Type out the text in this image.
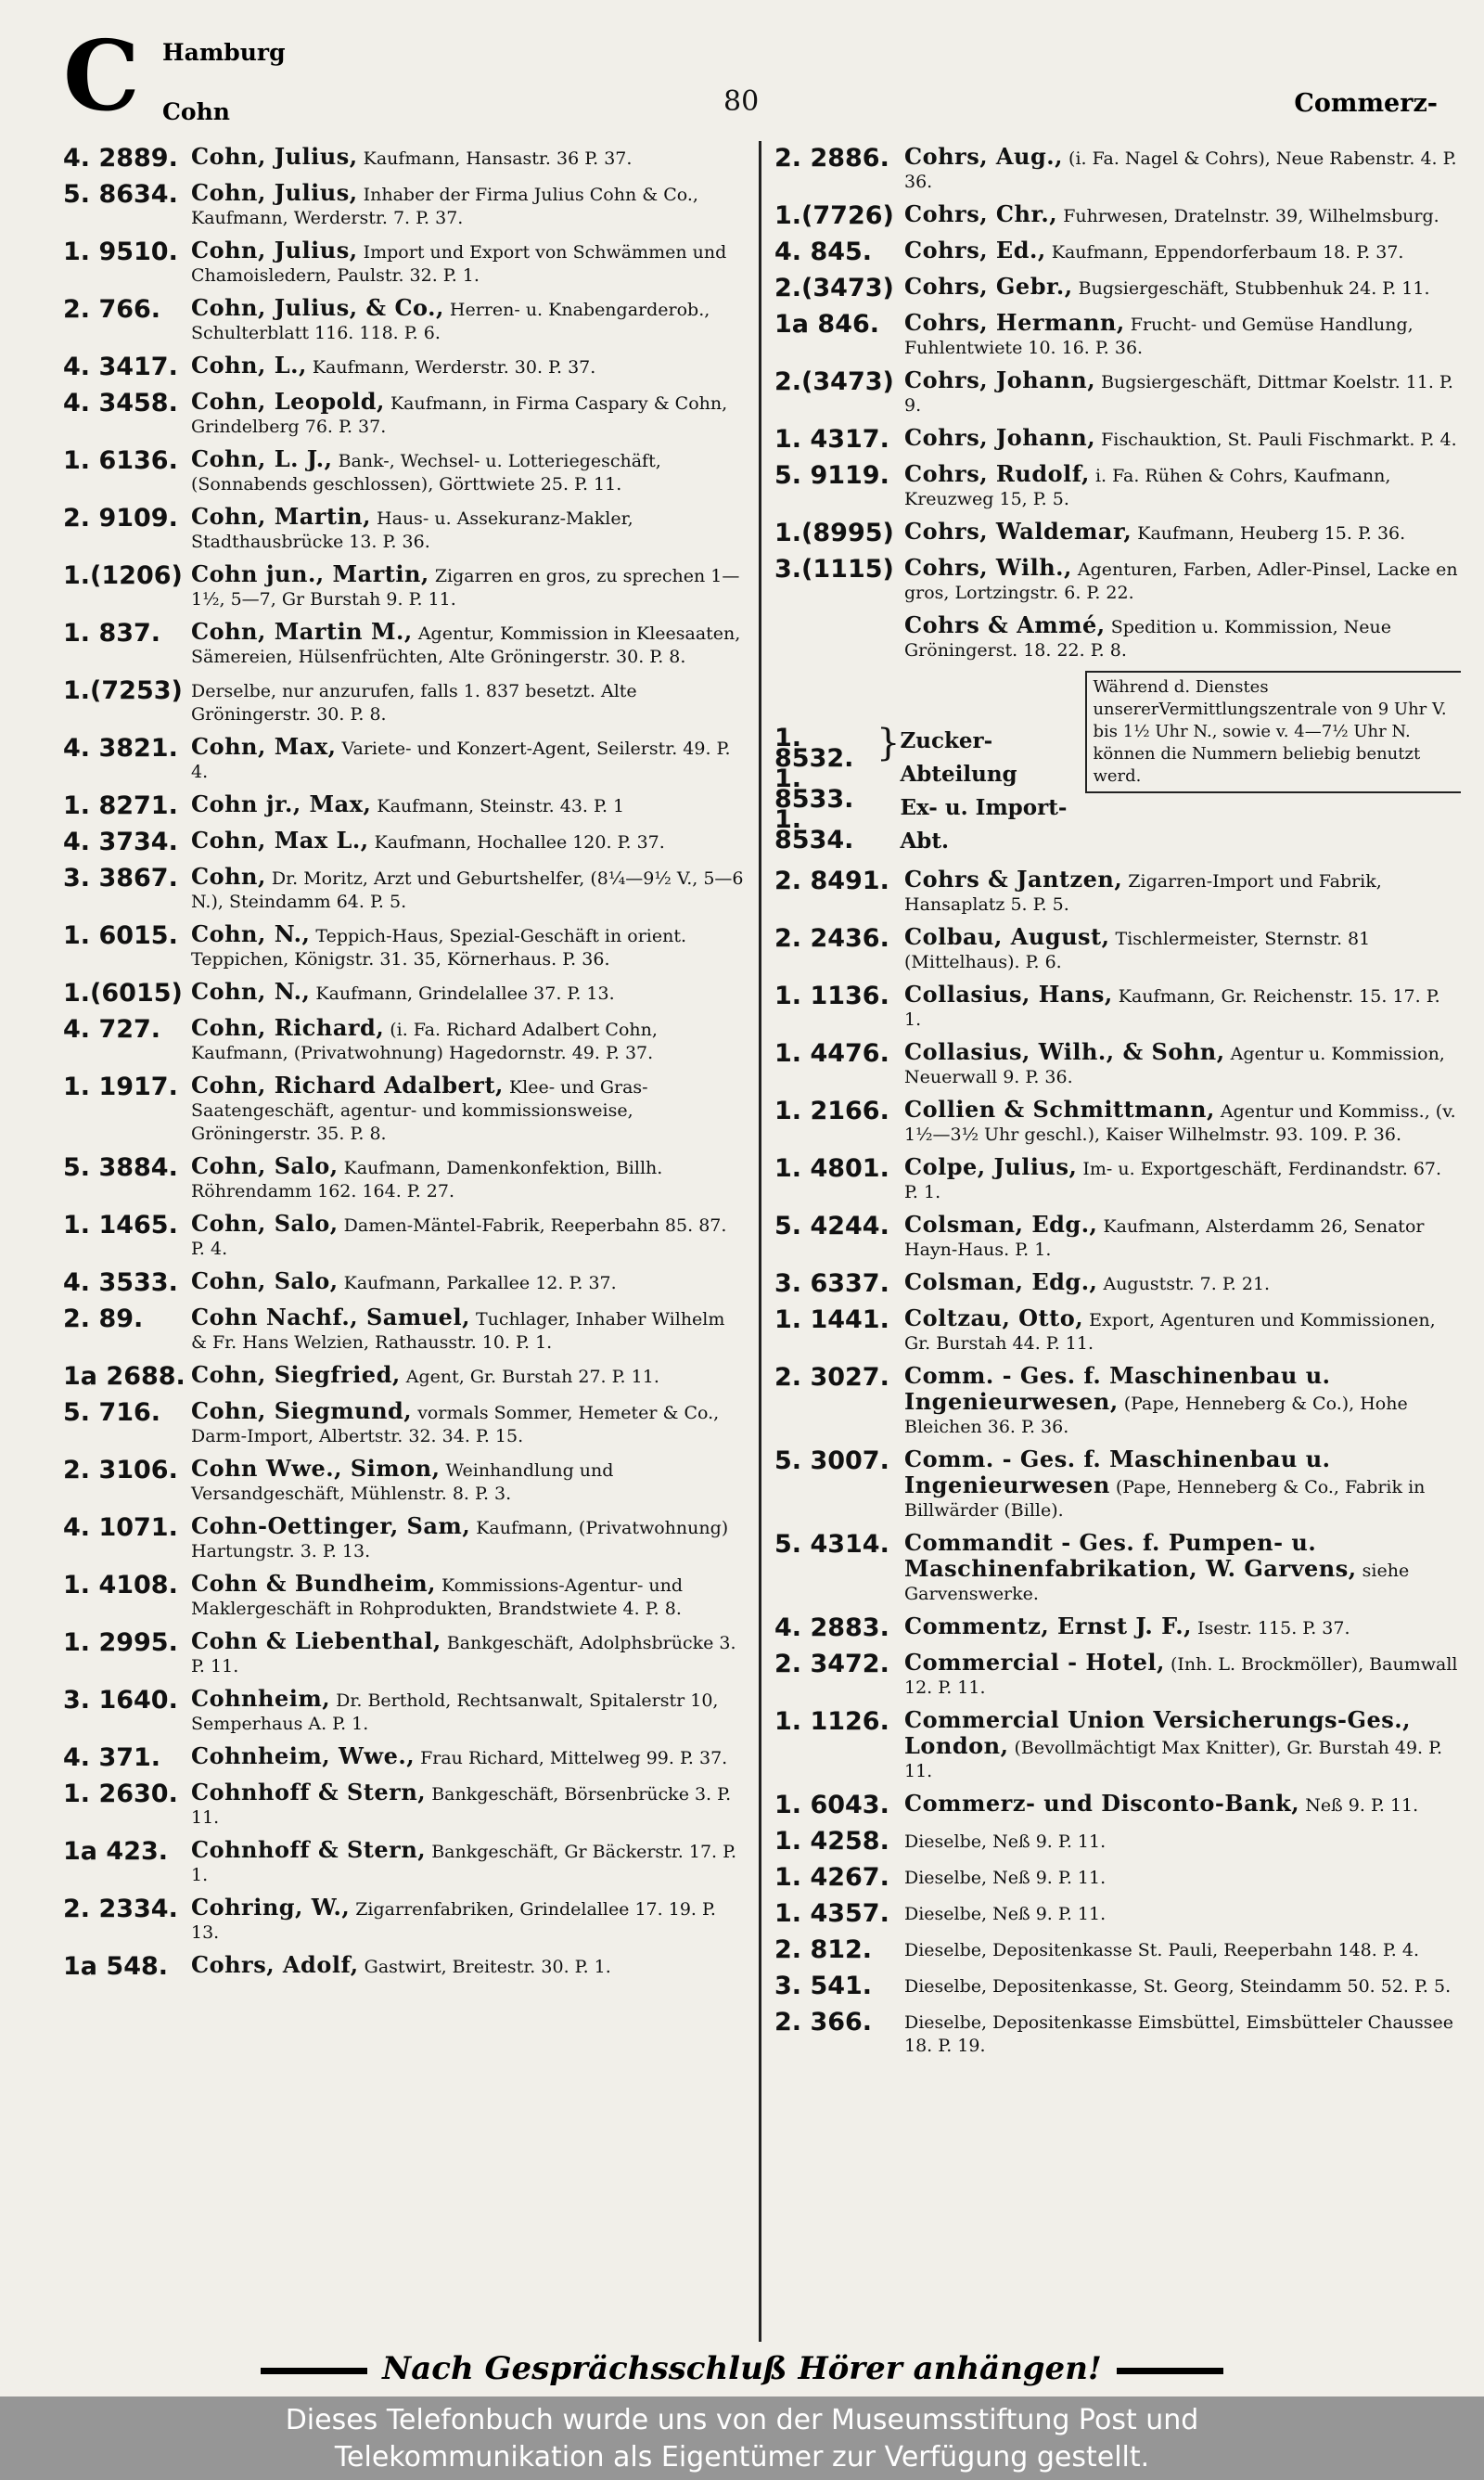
C Hamburg
Cohn	80	Commerz-
4. 2889. Cohn, Julius, Kaufmann, Hansastr. 36 P. 37.
5. 8634. Cohn, Julius, Inhaber der Firma Julius Cohn & Co., Kaufmann, Werderstr. 7. P. 37.
1. 9510. Cohn, Julius, Import und Export von Schwämmen und Chamoisledern, Paulstr. 32. P. 1.
2. 766.	Cohn, Julius, & Co., Herren- u. Knabengarderob., Schulterblatt 116. 118. P. 6.
4. 3417. Cohn, L., Kaufmann, Werderstr. 30. P. 37.
4. 3458. Cohn, Leopold, Kaufmann, in Firma Caspary & Cohn, Grindelberg 76. P. 37.
1. 6136. Cohn, L. J., Bank-, Wechsel- u. Lotteriegeschäft, (Sonnabends geschlossen), Görttwiete 25. P. 11.
2. 9109. Cohn, Martin, Haus- u. Assekuranz-Makler, Stadthausbrücke 13. P. 36.
1.(1206) Cohn jun., Martin, Zigarren en gros, zu sprechen 1—1½, 5—7, Gr Burstah 9. P. 11.
1. 837.	Cohn, Martin M., Agentur, Kommission in Kleesaaten, Sämereien, Hülsenfrüchten, Alte Gröningerstr. 30. P. 8.
1.(7253) Derselbe, nur anzurufen, falls 1. 837 besetzt. Alte Gröningerstr. 30. P. 8.
4. 3821. Cohn, Max, Variete- und Konzert-Agent, Seilerstr. 49. P. 4.
1. 8271. Cohn jr., Max, Kaufmann, Steinstr. 43. P. 1
4. 3734. Cohn, Max L., Kaufmann, Hochallee 120. P. 37.
3. 3867. Cohn, Dr. Moritz, Arzt und Geburtshelfer, (8¼—9½ V., 5—6 N.), Steindamm 64. P. 5.
1. 6015. Cohn, N., Teppich-Haus, Spezial-Geschäft in orient. Teppichen, Königstr. 31. 35, Körnerhaus. P. 36.
1.(6015) Cohn, N., Kaufmann, Grindelallee 37. P. 13.
4. 727.	Cohn, Richard, (i. Fa. Richard Adalbert Cohn, Kaufmann, (Privatwohnung) Hagedornstr. 49. P. 37.
1. 1917. Cohn, Richard Adalbert, Klee- und Gras-Saatengeschäft, agentur- und kommissionsweise, Gröningerstr. 35. P. 8.
5. 3884. Cohn, Salo, Kaufmann, Damenkonfektion, Billh. Röhrendamm 162. 164. P. 27.
1. 1465. Cohn, Salo, Damen-Mäntel-Fabrik, Reeperbahn 85. 87. P. 4.
4. 3533. Cohn, Salo, Kaufmann, Parkallee 12. P. 37.
2. 89.	Cohn Nachf., Samuel, Tuchlager, Inhaber Wilhelm & Fr. Hans Welzien, Rathausstr. 10. P. 1.
1a 2688. Cohn, Siegfried, Agent, Gr. Burstah 27. P. 11.
5. 716.	Cohn, Siegmund, vormals Sommer, Hemeter & Co., Darm-Import, Albertstr. 32. 34. P. 15.
2. 3106. Cohn Wwe., Simon, Weinhandlung und Versandgeschäft, Mühlenstr. 8. P. 3.
4. 1071. Cohn-Oettinger, Sam, Kaufmann, (Privatwohnung) Hartungstr. 3. P. 13.
1. 4108. Cohn & Bundheim, Kommissions-Agentur- und Maklergeschäft in Rohprodukten, Brandstwiete 4. P. 8.
1. 2995. Cohn & Liebenthal, Bankgeschäft, Adolphsbrücke 3. P. 11.
3. 1640. Cohnheim, Dr. Berthold, Rechtsanwalt, Spitalerstr 10, Semperhaus A. P. 1.
4. 371.	Cohnheim, Wwe., Frau Richard, Mittelweg 99. P. 37.
1. 2630. Cohnhoff & Stern, Bankgeschäft, Börsenbrücke 3. P. 11.
1a 423.	Cohnhoff & Stern, Bankgeschäft, Gr Bäckerstr. 17. P. 1.
2. 2334. Cohring, W., Zigarrenfabriken, Grindelallee 17. 19. P. 13.
1a 548.	Cohrs, Adolf, Gastwirt, Breitestr. 30. P. 1.
2. 2886. Cohrs, Aug., (i. Fa. Nagel & Cohrs), Neue Rabenstr. 4. P. 36.
1.(7726) Cohrs, Chr., Fuhrwesen, Dratelnstr. 39, Wilhelmsburg.
4. 845.	Cohrs, Ed., Kaufmann, Eppendorferbaum 18. P. 37.
2.(3473) Cohrs, Gebr., Bugsiergeschäft, Stubbenhuk 24. P. 11.
1a 846.	Cohrs, Hermann, Frucht- und Gemüse Handlung, Fuhlentwiete 10. 16. P. 36.
2.(3473) Cohrs, Johann, Bugsiergeschäft, Dittmar Koelstr. 11. P. 9.
1. 4317. Cohrs, Johann, Fischauktion, St. Pauli Fischmarkt. P. 4.
5. 9119. Cohrs, Rudolf, i. Fa. Rühen & Cohrs, Kaufmann, Kreuzweg 15, P. 5.
1.(8995) Cohrs, Waldemar, Kaufmann, Heuberg 15. P. 36.
3.(1115) Cohrs, Wilh., Agenturen, Farben, Adler-Pinsel, Lacke en gros, Lortzingstr. 6. P. 22.
Cohrs & Ammé, Spedition u. Kommission, Neue Gröningerst. 18. 22. P. 8.
1. 8532.
1. 8533.
1. 8534.
} Zucker-Abteilung
Ex- u. Import-Abt.
Während d. Dienstes unsererVermittlungszentrale von 9 Uhr V. bis 1½ Uhr N., sowie v. 4—7½ Uhr N. können die Nummern beliebig benutzt werd.
2. 8491. Cohrs & Jantzen, Zigarren-Import und Fabrik, Hansaplatz 5. P. 5.
2. 2436. Colbau, August, Tischlermeister, Sternstr. 81 (Mittelhaus). P. 6.
1. 1136. Collasius, Hans, Kaufmann, Gr. Reichenstr. 15. 17. P. 1.
1. 4476. Collasius, Wilh., & Sohn, Agentur u. Kommission, Neuerwall 9. P. 36.
1. 2166. Collien & Schmittmann, Agentur und Kommiss., (v. 1½—3½ Uhr geschl.), Kaiser Wilhelmstr. 93. 109. P. 36.
1. 4801. Colpe, Julius, Im- u. Exportgeschäft, Ferdinandstr. 67. P. 1.
5. 4244. Colsman, Edg., Kaufmann, Alsterdamm 26, Senator Hayn-Haus. P. 1.
3. 6337. Colsman, Edg., Auguststr. 7. P. 21.
1. 1441. Coltzau, Otto, Export, Agenturen und Kommissionen, Gr. Burstah 44. P. 11.
2. 3027. Comm. - Ges. f. Maschinenbau u. Ingenieurwesen, (Pape, Henneberg & Co.), Hohe Bleichen 36. P. 36.
5. 3007. Comm. - Ges. f. Maschinenbau u. Ingenieurwesen (Pape, Henneberg & Co., Fabrik in Billwärder (Bille).
5. 4314. Commandit - Ges. f. Pumpen- u. Maschinenfabrikation, W. Garvens, siehe Garvenswerke.
4. 2883. Commentz, Ernst J. F., Isestr. 115. P. 37.
2. 3472. Commercial - Hotel, (Inh. L. Brockmöller), Baumwall 12. P. 11.
1. 1126. Commercial Union Versicherungs-Ges., London, (Bevollmächtigt Max Knitter), Gr. Burstah 49. P. 11.
1. 6043. Commerz- und Disconto-Bank, Neß 9. P. 11.
1. 4258. Dieselbe, Neß 9. P. 11.
1. 4267. Dieselbe, Neß 9. P. 11.
1. 4357. Dieselbe, Neß 9. P. 11.
2. 812.	Dieselbe, Depositenkasse St. Pauli, Reeperbahn 148. P. 4.
3. 541.	Dieselbe, Depositenkasse, St. Georg, Steindamm 50. 52. P. 5.
2. 366.	Dieselbe, Depositenkasse Eimsbüttel, Eimsbütteler Chaussee 18. P. 19.
Nach Gesprächsschluß Hörer anhängen!
Dieses Telefonbuch wurde uns von der Museumsstiftung Post und
Telekommunikation als Eigentümer zur Verfügung gestellt.
